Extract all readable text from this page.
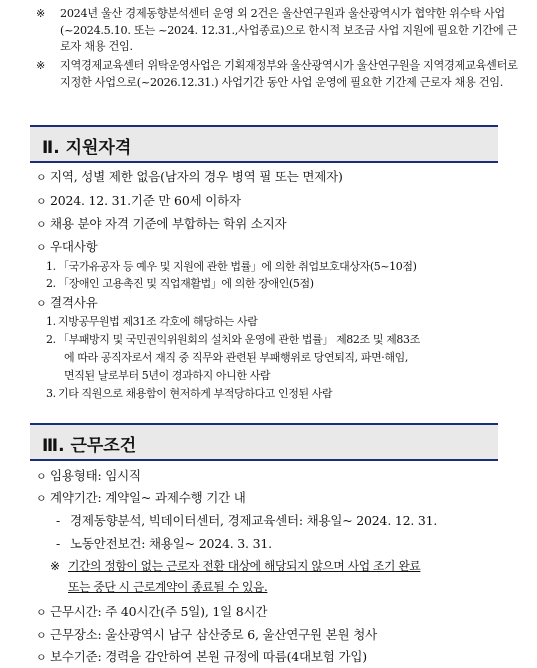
※	2024년 울산 경제동향분석센터 운영 외 2건은 울산연구원과 울산광역시가 협약한 위수탁 사업(~2024.5.10. 또는 ~2024. 12.31.,사업종료)으로 한시적 보조금 사업 지원에 필요한 기간에 근로자 채용 건임.
※	지역경제교육센터 위탁운영사업은 기획재정부와 울산광역시가 울산연구원을 지역경제교육센터로 지정한 사업으로(~2026.12.31.) 사업기간 동안 사업 운영에 필요한 기간제 근로자 채용 건임.
Ⅱ. 지원자격
ㅇ 지역, 성별 제한 없음(남자의 경우 병역 필 또는 면제자)
ㅇ 2024. 12. 31.기준 만 60세 이하자
ㅇ 채용 분야 자격 기준에 부합하는 학위 소지자
ㅇ 우대사항
1. 「국가유공자 등 예우 및 지원에 관한 법률」에 의한 취업보호대상자(5~10점)
2. 「장애인 고용촉진 및 직업재활법」에 의한 장애인(5점)
ㅇ 결격사유
1. 지방공무원법 제31조 각호에 해당하는 사람
2. 「부패방지 및 국민권익위원회의 설치와 운영에 관한 법률」 제82조 및 제83조
에 따라 공직자로서 재직 중 직무와 관련된 부패행위로 당연퇴직, 파면·해임,
면직된 날로부터 5년이 경과하지 아니한 사람
3. 기타 직원으로 채용함이 현저하게 부적당하다고 인정된 사람
Ⅲ. 근무조건
ㅇ 임용형태: 임시직
ㅇ 계약기간: 계약일~ 과제수행 기간 내
- 경제동향분석, 빅데이터센터, 경제교육센터: 채용일~ 2024. 12. 31.
- 노동안전보건: 채용일~ 2024. 3. 31.
※ 기간의 정함이 없는 근로자 전환 대상에 해당되지 않으며 사업 조기 완료
또는 중단 시 근로계약이 종료될 수 있음.
ㅇ 근무시간: 주 40시간(주 5일), 1일 8시간
ㅇ 근무장소: 울산광역시 남구 삼산중로 6, 울산연구원 본원 청사
ㅇ 보수기준: 경력을 감안하여 본원 규정에 따름(4대보험 가입)
